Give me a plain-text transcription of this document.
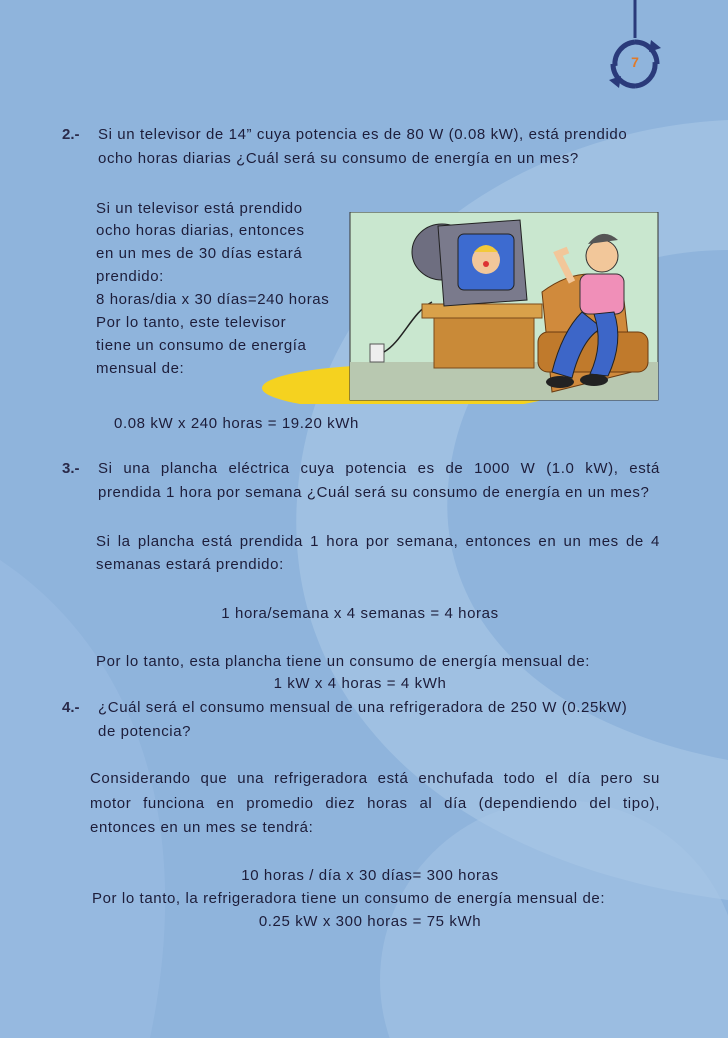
7
2.- Si un televisor de 14” cuya potencia es de 80 W (0.08 kW), está prendido
ocho horas diarias ¿Cuál será su consumo de energía en un mes?
Si un televisor está prendido
ocho horas diarias, entonces
en un mes de 30 días estará
prendido:
8 horas/dia x 30 días=240 horas
Por lo tanto, este televisor
tiene un consumo de energía
mensual de:
0.08 kW x 240 horas = 19.20 kWh
3.- Si una plancha eléctrica cuya potencia es de 1000 W (1.0 kW), está
prendida 1 hora por semana ¿Cuál será su consumo de energía en un mes?
Si la plancha está prendida 1 hora por semana, entonces en un mes de 4
semanas estará prendido:
1 hora/semana x 4 semanas = 4 horas
Por lo tanto, esta plancha tiene un consumo de energía mensual de:
1 kW x 4 horas = 4 kWh
4.- ¿Cuál será el consumo mensual de una refrigeradora de 250 W (0.25kW)
de potencia?
Considerando que una refrigeradora está enchufada todo el día pero su
motor funciona en promedio diez horas al día (dependiendo del tipo),
entonces en un mes se tendrá:
10 horas / día x 30 días= 300 horas
Por lo tanto, la refrigeradora tiene un consumo de energía mensual de:
0.25 kW x 300 horas = 75 kWh
